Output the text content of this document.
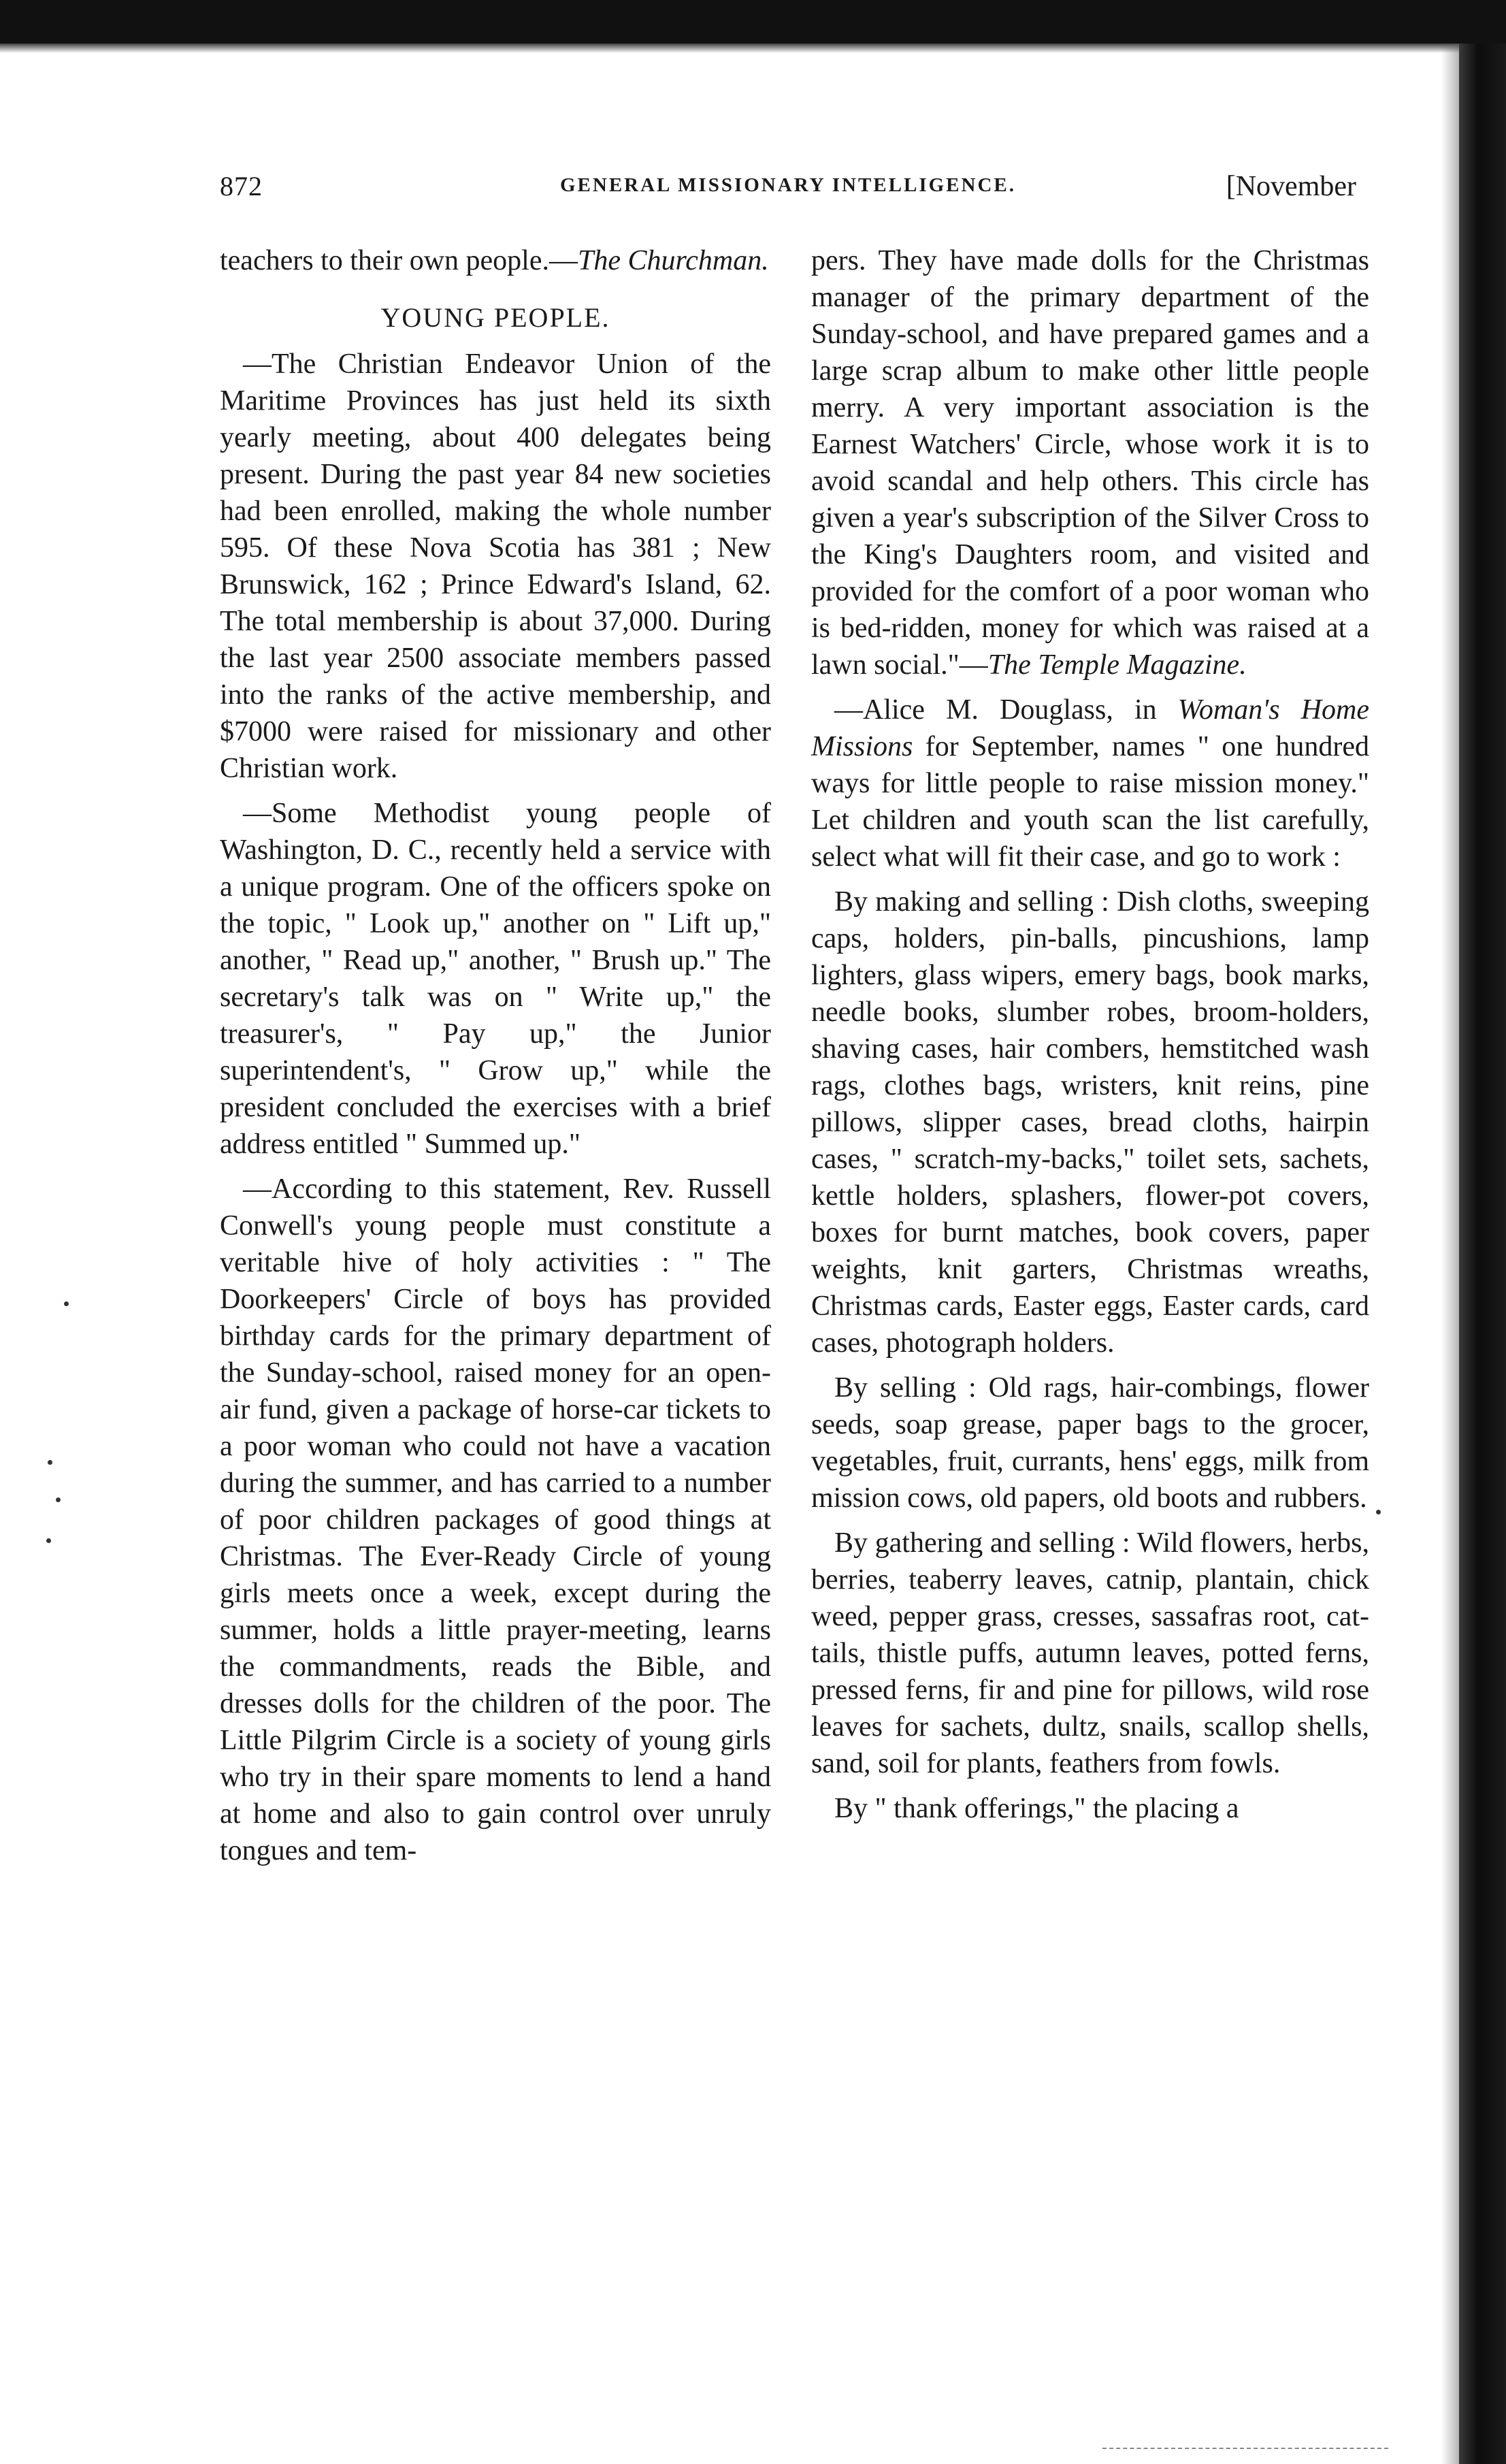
872	GENERAL MISSIONARY INTELLIGENCE.	[November

teachers to their own people.—The Churchman.

YOUNG PEOPLE.

—The Christian Endeavor Union of the Maritime Provinces has just held its sixth yearly meeting, about 400 delegates being present. During the past year 84 new societies had been enrolled, making the whole number 595. Of these Nova Scotia has 381 ; New Brunswick, 162 ; Prince Edward's Island, 62. The total membership is about 37,000. During the last year 2500 associate members passed into the ranks of the active membership, and $7000 were raised for missionary and other Christian work.

—Some Methodist young people of Washington, D. C., recently held a service with a unique program. One of the officers spoke on the topic, " Look up," another on " Lift up," another, " Read up," another, " Brush up." The secretary's talk was on " Write up," the treasurer's, " Pay up," the Junior superintendent's, " Grow up," while the president concluded the exercises with a brief address entitled " Summed up."

—According to this statement, Rev. Russell Conwell's young people must constitute a veritable hive of holy activities : " The Doorkeepers' Circle of boys has provided birthday cards for the primary department of the Sunday-school, raised money for an open-air fund, given a package of horse-car tickets to a poor woman who could not have a vacation during the summer, and has carried to a number of poor children packages of good things at Christmas. The Ever-Ready Circle of young girls meets once a week, except during the summer, holds a little prayer-meeting, learns the commandments, reads the Bible, and dresses dolls for the children of the poor. The Little Pilgrim Circle is a society of young girls who try in their spare moments to lend a hand at home and also to gain control over unruly tongues and tem-

pers. They have made dolls for the Christmas manager of the primary department of the Sunday-school, and have prepared games and a large scrap album to make other little people merry. A very important association is the Earnest Watchers' Circle, whose work it is to avoid scandal and help others. This circle has given a year's subscription of the Silver Cross to the King's Daughters room, and visited and provided for the comfort of a poor woman who is bed-ridden, money for which was raised at a lawn social."—The Temple Magazine.

—Alice M. Douglass, in Woman's Home Missions for September, names " one hundred ways for little people to raise mission money." Let children and youth scan the list carefully, select what will fit their case, and go to work :

By making and selling : Dish cloths, sweeping caps, holders, pin-balls, pincushions, lamp lighters, glass wipers, emery bags, book marks, needle books, slumber robes, broom-holders, shaving cases, hair combers, hemstitched wash rags, clothes bags, wristers, knit reins, pine pillows, slipper cases, bread cloths, hairpin cases, " scratch-my-backs," toilet sets, sachets, kettle holders, splashers, flower-pot covers, boxes for burnt matches, book covers, paper weights, knit garters, Christmas wreaths, Christmas cards, Easter eggs, Easter cards, card cases, photograph holders.

By selling : Old rags, hair-combings, flower seeds, soap grease, paper bags to the grocer, vegetables, fruit, currants, hens' eggs, milk from mission cows, old papers, old boots and rubbers.

By gathering and selling : Wild flowers, herbs, berries, teaberry leaves, catnip, plantain, chick weed, pepper grass, cresses, sassafras root, cat-tails, thistle puffs, autumn leaves, potted ferns, pressed ferns, fir and pine for pillows, wild rose leaves for sachets, dultz, snails, scallop shells, sand, soil for plants, feathers from fowls.

By " thank offerings," the placing a
